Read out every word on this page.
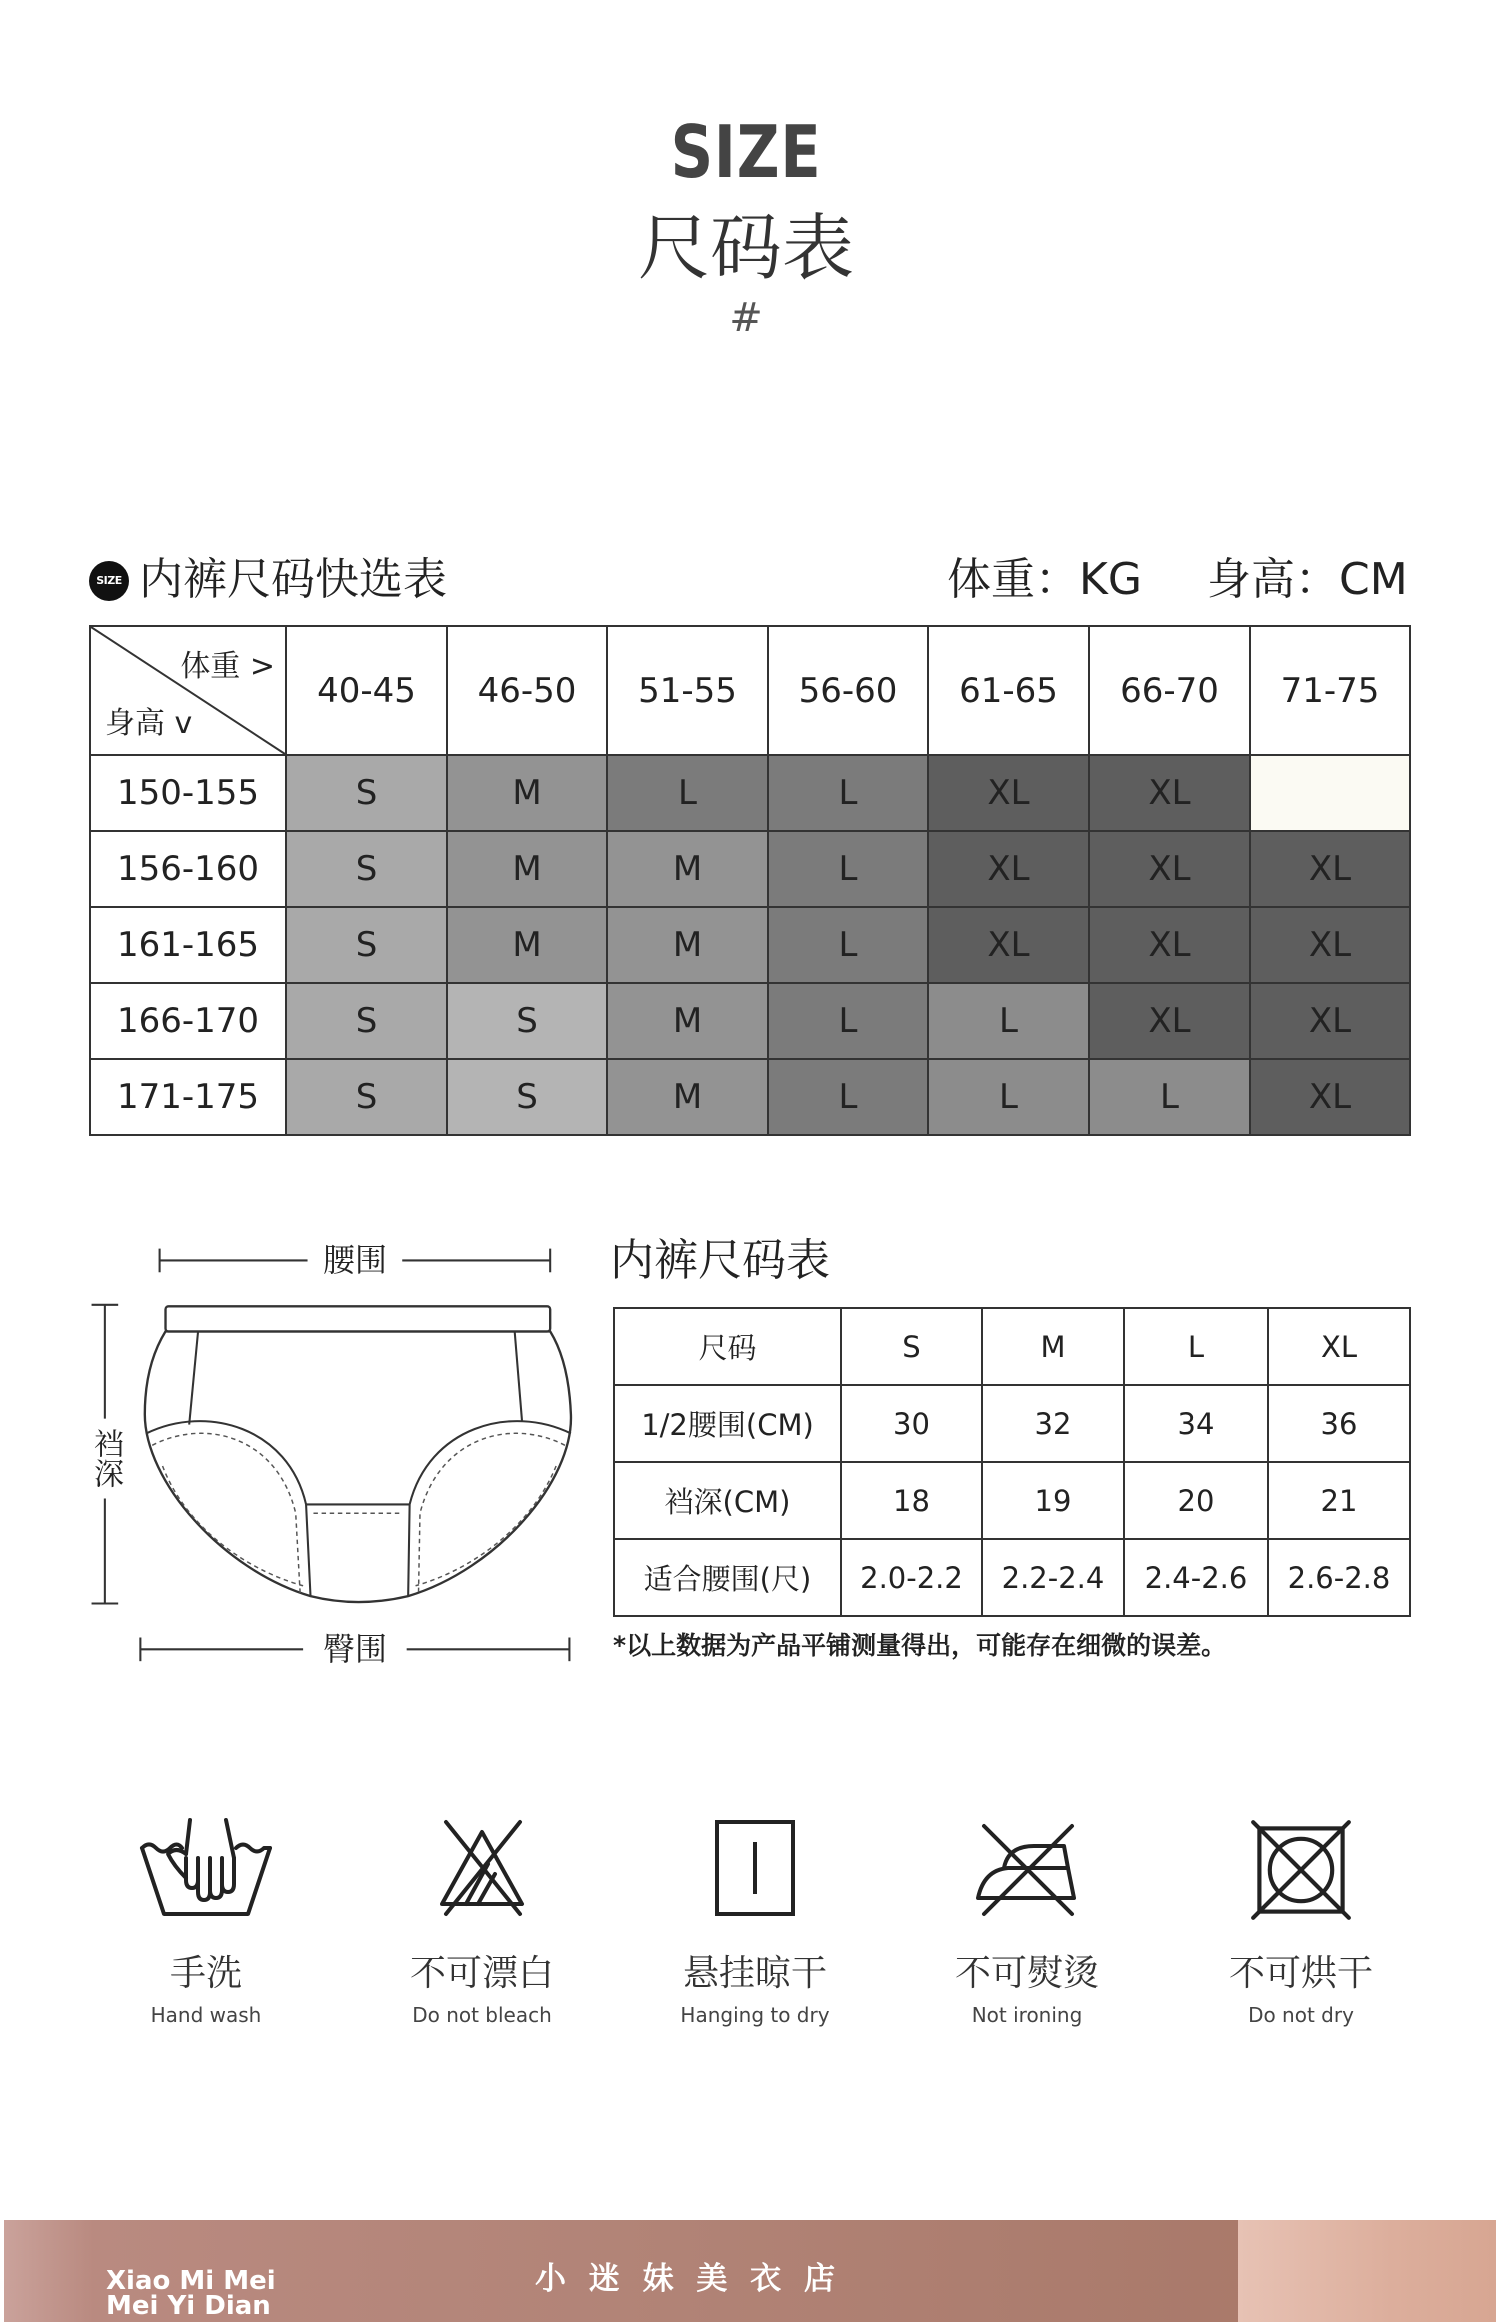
SIZE
尺码表
#
SIZE 内裤尺码快选表	体重：KG 身高：CM
体重 >
身高 v	40-45	46-50	51-55	56-60	61-65	66-70	71-75
150-155	S	M	L	L	XL	XL	
156-160	S	M	M	L	XL	XL	XL
161-165	S	M	M	L	XL	XL	XL
166-170	S	S	M	L	L	XL	XL
171-175	S	S	M	L	L	L	XL
腰围
裆深
臀围
内裤尺码表
尺码	S	M	L	XL
1/2腰围(CM)	30	32	34	36
裆深(CM)	18	19	20	21
适合腰围(尺)	2.0-2.2	2.2-2.4	2.4-2.6	2.6-2.8
*以上数据为产品平铺测量得出，可能存在细微的误差。
手洗
Hand wash
不可漂白
Do not bleach
悬挂晾干
Hanging to dry
不可熨烫
Not ironing
不可烘干
Do not dry
Xiao Mi Mei
Mei Yi Dian
小 迷 妹 美 衣 店
